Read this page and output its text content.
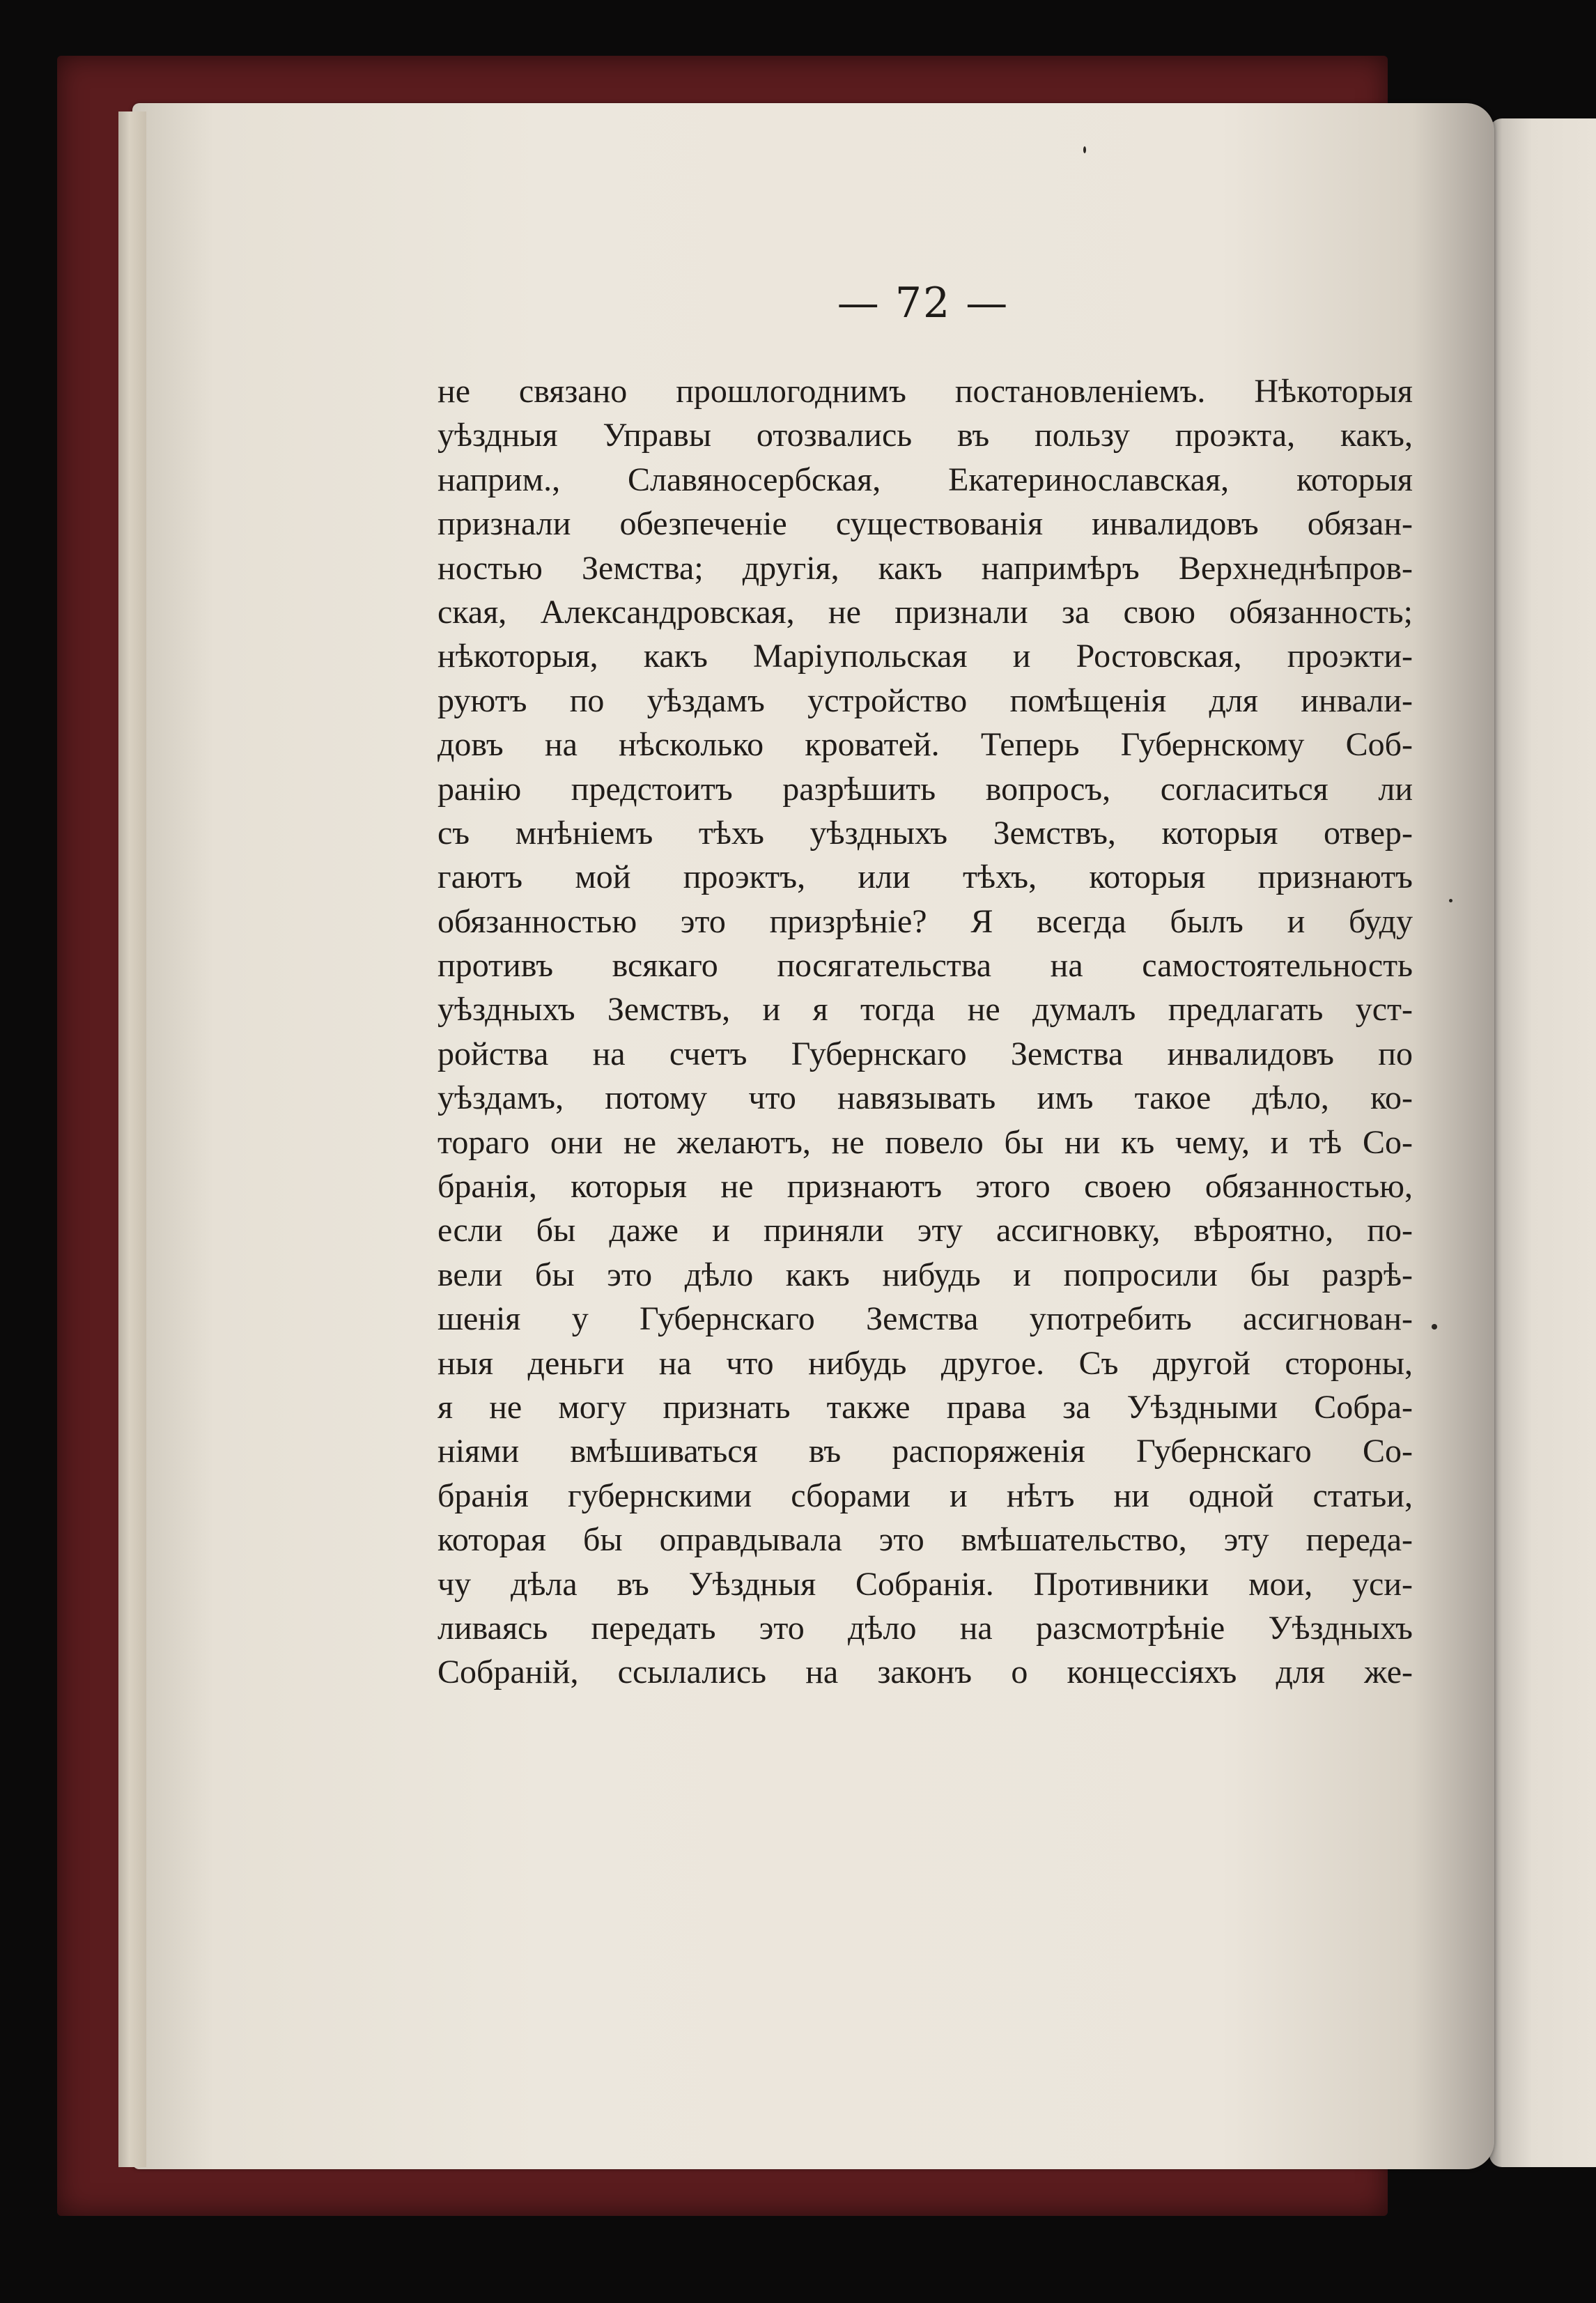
— 72 —
не связано прошлогоднимъ постановленіемъ. Нѣкоторыя
уѣздныя Управы отозвались въ пользу проэкта, какъ,
наприм., Славяносербская, Екатеринославская, которыя
признали обезпеченіе существованія инвалидовъ обязан-
ностью Земства; другія, какъ напримѣръ Верхнеднѣпров-
ская, Александровская, не признали за свою обязанность;
нѣкоторыя, какъ Маріупольская и Ростовская, проэкти-
руютъ по уѣздамъ устройство помѣщенія для инвали-
довъ на нѣсколько кроватей. Теперь Губернскому Соб-
ранію предстоитъ разрѣшить вопросъ, согласиться ли
съ мнѣніемъ тѣхъ уѣздныхъ Земствъ, которыя отвер-
гаютъ мой проэктъ, или тѣхъ, которыя признаютъ
обязанностью это призрѣніе? Я всегда былъ и буду
противъ всякаго посягательства на самостоятельность
уѣздныхъ Земствъ, и я тогда не думалъ предлагать уст-
ройства на счетъ Губернскаго Земства инвалидовъ по
уѣздамъ, потому что навязывать имъ такое дѣло, ко-
тораго они не желаютъ, не повело бы ни къ чему, и тѣ Со-
бранія, которыя не признаютъ этого своею обязанностью,
если бы даже и приняли эту ассигновку, вѣроятно, по-
вели бы это дѣло какъ нибудь и попросили бы разрѣ-
шенія у Губернскаго Земства употребить ассигнован-
ныя деньги на что нибудь другое. Съ другой стороны,
я не могу признать также права за Уѣздными Собра-
ніями вмѣшиваться въ распоряженія Губернскаго Со-
бранія губернскими сборами и нѣтъ ни одной статьи,
которая бы оправдывала это вмѣшательство, эту переда-
чу дѣла въ Уѣздныя Собранія. Противники мои, уси-
ливаясь передать это дѣло на разсмотрѣніе Уѣздныхъ
Собраній, ссылались на законъ о концессіяхъ для же-
